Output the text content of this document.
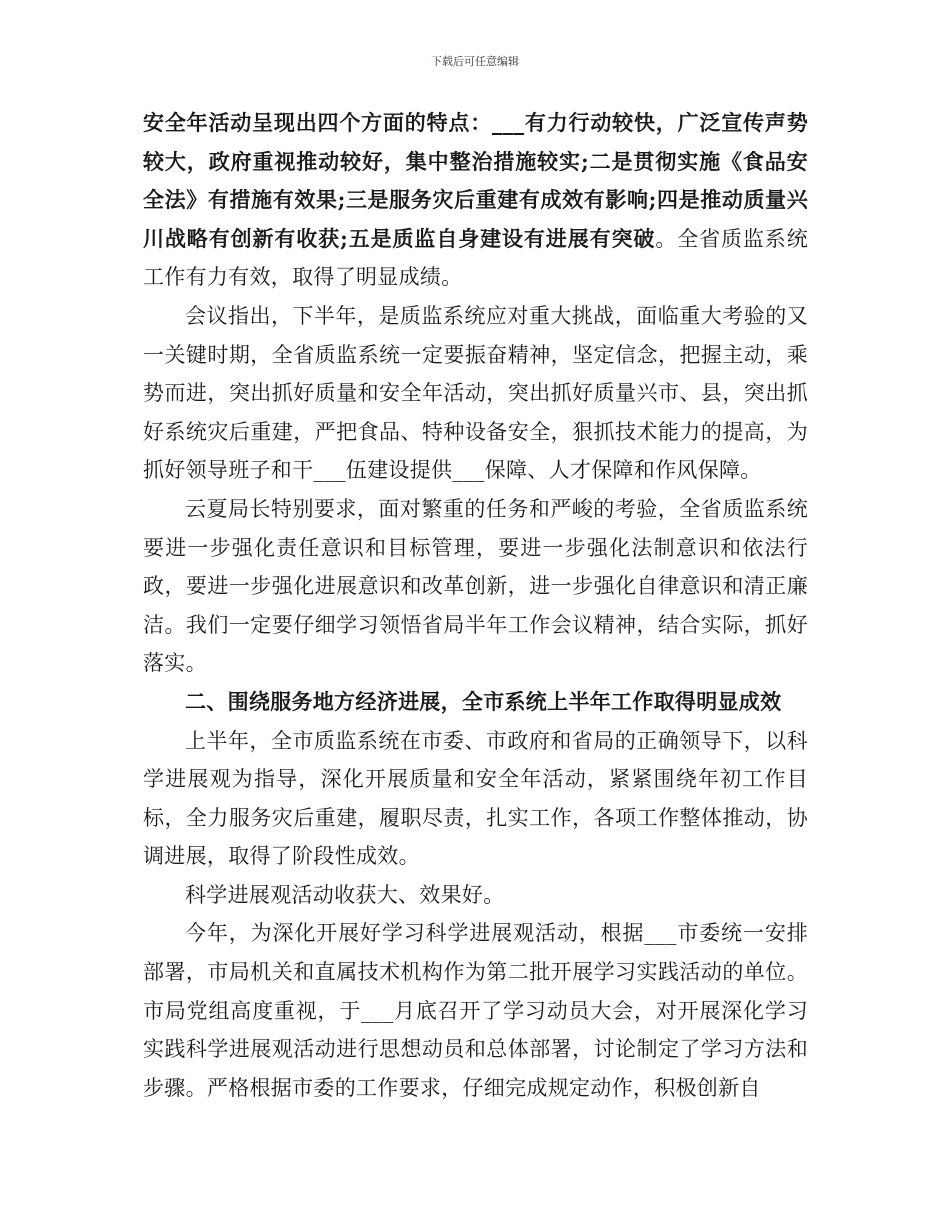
下载后可任意编辑

安全年活动呈现出四个方面的特点：___有力行动较快，广泛宣传声势较大，政府重视推动较好，集中整治措施较实;二是贯彻实施《食品安全法》有措施有效果;三是服务灾后重建有成效有影响;四是推动质量兴川战略有创新有收获;五是质监自身建设有进展有突破。全省质监系统工作有力有效，取得了明显成绩。

会议指出，下半年，是质监系统应对重大挑战，面临重大考验的又一关键时期，全省质监系统一定要振奋精神，坚定信念，把握主动，乘势而进，突出抓好质量和安全年活动，突出抓好质量兴市、县，突出抓好系统灾后重建，严把食品、特种设备安全，狠抓技术能力的提高，为抓好领导班子和干___伍建设提供___保障、人才保障和作风保障。

云夏局长特别要求，面对繁重的任务和严峻的考验，全省质监系统要进一步强化责任意识和目标管理，要进一步强化法制意识和依法行政，要进一步强化进展意识和改革创新，进一步强化自律意识和清正廉洁。我们一定要仔细学习领悟省局半年工作会议精神，结合实际，抓好落实。

二、围绕服务地方经济进展，全市系统上半年工作取得明显成效

上半年，全市质监系统在市委、市政府和省局的正确领导下，以科学进展观为指导，深化开展质量和安全年活动，紧紧围绕年初工作目标，全力服务灾后重建，履职尽责，扎实工作，各项工作整体推动，协调进展，取得了阶段性成效。

科学进展观活动收获大、效果好。

今年，为深化开展好学习科学进展观活动，根据___市委统一安排部署，市局机关和直属技术机构作为第二批开展学习实践活动的单位。市局党组高度重视，于___月底召开了学习动员大会，对开展深化学习实践科学进展观活动进行思想动员和总体部署，讨论制定了学习方法和步骤。严格根据市委的工作要求，仔细完成规定动作，积极创新自
